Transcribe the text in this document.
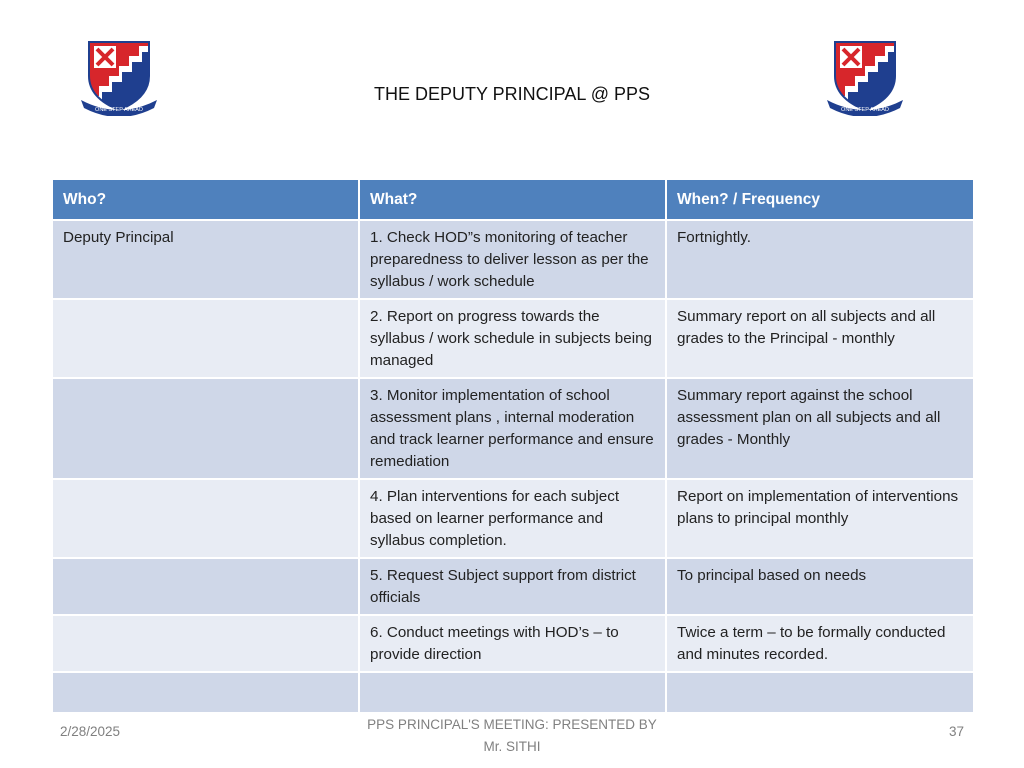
ONE STEP AHEAD	ONE STEP AHEAD
THE DEPUTY PRINCIPAL @ PPS
Who?	What?	When? / Frequency
Deputy Principal	1. Check HOD”s monitoring of teacher preparedness to deliver lesson as per the syllabus / work schedule	Fortnightly.
	2. Report on progress towards the syllabus / work schedule in subjects being managed	Summary report on all subjects and all grades to the Principal - monthly
	3. Monitor implementation of school assessment plans , internal moderation and track learner performance and ensure remediation	Summary report against the school assessment plan on all subjects and all grades - Monthly
	4. Plan interventions for each subject based on learner performance and syllabus completion.	Report on implementation of interventions plans to principal monthly
	5. Request Subject support from district officials	To principal based on needs
	6. Conduct meetings with HOD’s – to provide direction	Twice a term – to be formally conducted and minutes recorded.

2/28/2025	PPS PRINCIPAL'S MEETING: PRESENTED BY
Mr. SITHI
37
